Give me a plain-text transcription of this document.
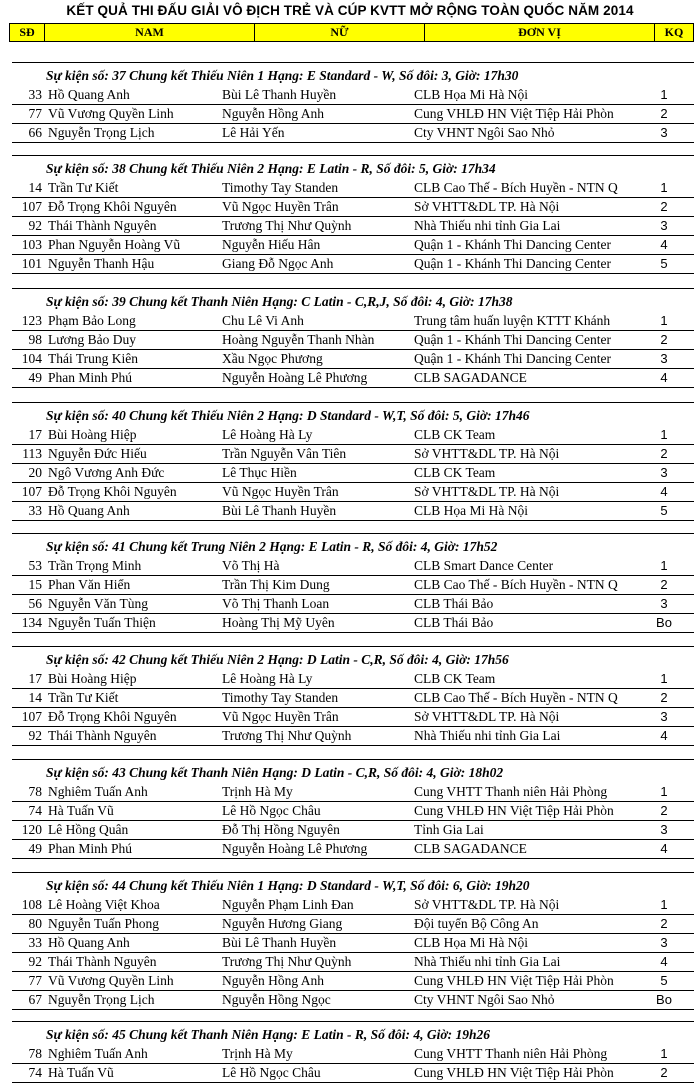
KẾT QUẢ THI ĐẤU GIẢI VÔ ĐỊCH TRẺ VÀ CÚP KVTT MỞ RỘNG TOÀN QUỐC NĂM 2014
SĐ	NAM	NỮ	ĐƠN VỊ	KQ
Sự kiện số: 37 Chung kết Thiếu Niên 1 Hạng: E Standard - W, Số đôi: 3, Giờ: 17h30
33 Hồ Quang Anh	Bùi Lê Thanh Huyền	CLB Họa Mi Hà Nội	1
77 Vũ Vương Quyền Linh	Nguyễn Hồng Anh	Cung VHLĐ HN Việt Tiệp Hải Phòn	2
66 Nguyễn Trọng Lịch	Lê Hải Yến	Cty VHNT Ngôi Sao Nhỏ	3
Sự kiện số: 38 Chung kết Thiếu Niên 2 Hạng: E Latin - R, Số đôi: 5, Giờ: 17h34
14 Trần Tư Kiết	Timothy Tay Standen	CLB Cao Thế - Bích Huyền - NTN Q	1
107 Đỗ Trọng Khôi Nguyên	Vũ Ngọc Huyền Trân	Sở VHTT&DL TP. Hà Nội	2
92 Thái Thành Nguyên	Trương Thị Như Quỳnh	Nhà Thiếu nhi tỉnh Gia Lai	3
103 Phan Nguyễn Hoàng Vũ	Nguyễn Hiếu Hân	Quận 1 - Khánh Thi Dancing Center	4
101 Nguyễn Thanh Hậu	Giang Đỗ Ngọc Anh	Quận 1 - Khánh Thi Dancing Center	5
Sự kiện số: 39 Chung kết Thanh Niên Hạng: C Latin - C,R,J, Số đôi: 4, Giờ: 17h38
123 Phạm Bảo Long	Chu Lê Vi Anh	Trung tâm huấn luyện KTTT Khánh	1
98 Lương Bảo Duy	Hoàng Nguyễn Thanh Nhàn	Quận 1 - Khánh Thi Dancing Center	2
104 Thái Trung Kiên	Xầu Ngọc Phương	Quận 1 - Khánh Thi Dancing Center	3
49 Phan Minh Phú	Nguyễn Hoàng Lê Phương	CLB SAGADANCE	4
Sự kiện số: 40 Chung kết Thiếu Niên 2 Hạng: D Standard - W,T, Số đôi: 5, Giờ: 17h46
17 Bùi Hoàng Hiệp	Lê Hoàng Hà Ly	CLB CK Team	1
113 Nguyễn Đức Hiếu	Trần Nguyễn Vân Tiên	Sở VHTT&DL TP. Hà Nội	2
20 Ngô Vương Anh Đức	Lê Thục Hiền	CLB CK Team	3
107 Đỗ Trọng Khôi Nguyên	Vũ Ngọc Huyền Trân	Sở VHTT&DL TP. Hà Nội	4
33 Hồ Quang Anh	Bùi Lê Thanh Huyền	CLB Họa Mi Hà Nội	5
Sự kiện số: 41 Chung kết Trung Niên 2 Hạng: E Latin - R, Số đôi: 4, Giờ: 17h52
53 Trần Trọng Minh	Võ Thị Hà	CLB Smart Dance Center	1
15 Phan Văn Hiển	Trần Thị Kim Dung	CLB Cao Thế - Bích Huyền - NTN Q	2
56 Nguyễn Văn Tùng	Võ Thị Thanh Loan	CLB Thái Bảo	3
134 Nguyễn Tuấn Thiện	Hoàng Thị Mỹ Uyên	CLB Thái Bảo	Bo
Sự kiện số: 42 Chung kết Thiếu Niên 2 Hạng: D Latin - C,R, Số đôi: 4, Giờ: 17h56
17 Bùi Hoàng Hiệp	Lê Hoàng Hà Ly	CLB CK Team	1
14 Trần Tư Kiết	Timothy Tay Standen	CLB Cao Thế - Bích Huyền - NTN Q	2
107 Đỗ Trọng Khôi Nguyên	Vũ Ngọc Huyền Trân	Sở VHTT&DL TP. Hà Nội	3
92 Thái Thành Nguyên	Trương Thị Như Quỳnh	Nhà Thiếu nhi tỉnh Gia Lai	4
Sự kiện số: 43 Chung kết Thanh Niên Hạng: D Latin - C,R, Số đôi: 4, Giờ: 18h02
78 Nghiêm Tuấn Anh	Trịnh Hà My	Cung VHTT Thanh niên Hải Phòng	1
74 Hà Tuấn Vũ	Lê Hồ Ngọc Châu	Cung VHLĐ HN Việt Tiệp Hải Phòn	2
120 Lê Hồng Quân	Đỗ Thị Hồng Nguyên	Tỉnh Gia Lai	3
49 Phan Minh Phú	Nguyễn Hoàng Lê Phương	CLB SAGADANCE	4
Sự kiện số: 44 Chung kết Thiếu Niên 1 Hạng: D Standard - W,T, Số đôi: 6, Giờ: 19h20
108 Lê Hoàng Việt Khoa	Nguyễn Phạm Linh Đan	Sở VHTT&DL TP. Hà Nội	1
80 Nguyễn Tuấn Phong	Nguyễn Hương Giang	Đội tuyển Bộ Công An	2
33 Hồ Quang Anh	Bùi Lê Thanh Huyền	CLB Họa Mi Hà Nội	3
92 Thái Thành Nguyên	Trương Thị Như Quỳnh	Nhà Thiếu nhi tỉnh Gia Lai	4
77 Vũ Vương Quyền Linh	Nguyễn Hồng Anh	Cung VHLĐ HN Việt Tiệp Hải Phòn	5
67 Nguyễn Trọng Lịch	Nguyễn Hồng Ngọc	Cty VHNT Ngôi Sao Nhỏ	Bo
Sự kiện số: 45 Chung kết Thanh Niên Hạng: E Latin - R, Số đôi: 4, Giờ: 19h26
78 Nghiêm Tuấn Anh	Trịnh Hà My	Cung VHTT Thanh niên Hải Phòng	1
74 Hà Tuấn Vũ	Lê Hồ Ngọc Châu	Cung VHLĐ HN Việt Tiệp Hải Phòn	2
